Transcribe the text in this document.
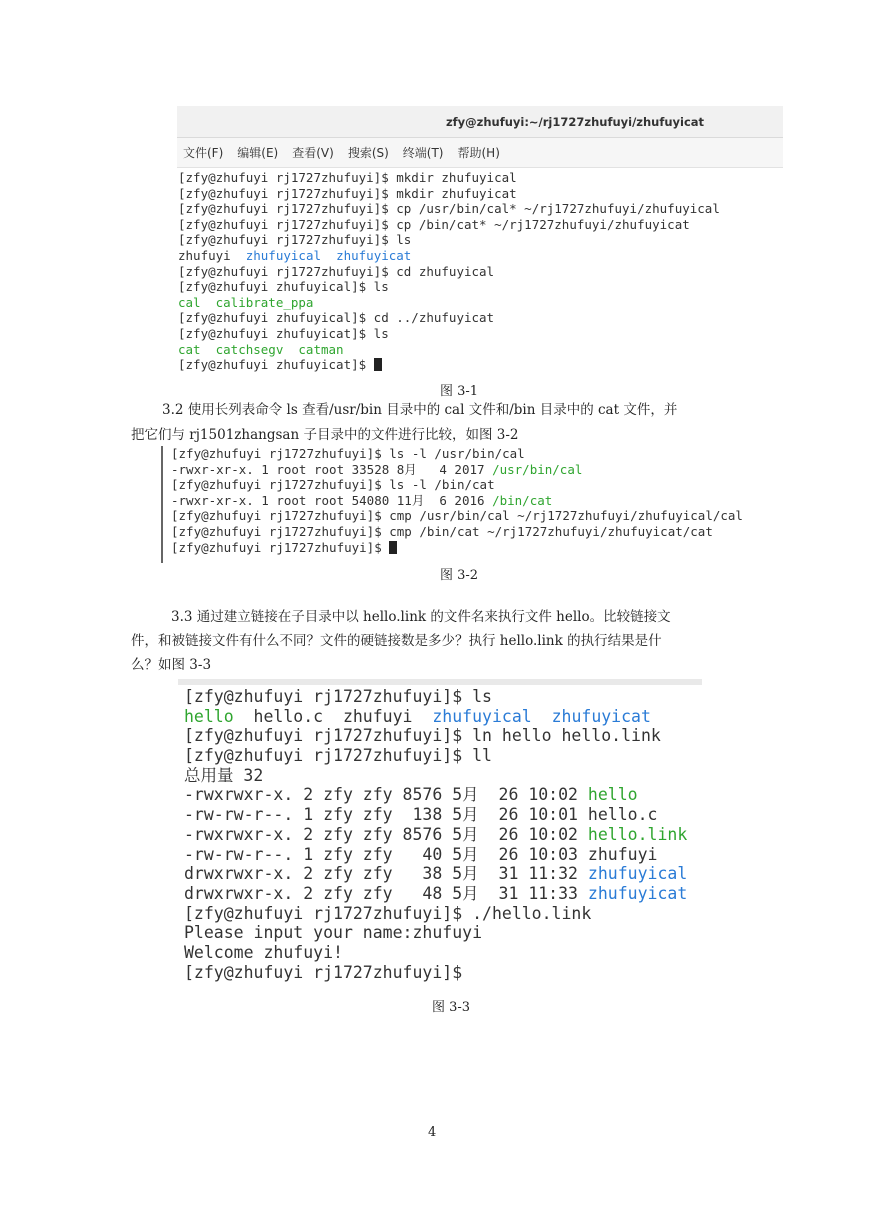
zfy@zhufuyi:~/rj1727zhufuyi/zhufuyicat
文件(F) 编辑(E) 查看(V) 搜索(S) 终端(T) 帮助(H)
[zfy@zhufuyi rj1727zhufuyi]$ mkdir zhufuyical
[zfy@zhufuyi rj1727zhufuyi]$ mkdir zhufuyicat
[zfy@zhufuyi rj1727zhufuyi]$ cp /usr/bin/cal* ~/rj1727zhufuyi/zhufuyical
[zfy@zhufuyi rj1727zhufuyi]$ cp /bin/cat* ~/rj1727zhufuyi/zhufuyicat
[zfy@zhufuyi rj1727zhufuyi]$ ls
zhufuyi  zhufuyical zhufuyicat
[zfy@zhufuyi rj1727zhufuyi]$ cd zhufuyical
[zfy@zhufuyi zhufuyical]$ ls
cal  calibrate_ppa
[zfy@zhufuyi zhufuyical]$ cd ../zhufuyicat
[zfy@zhufuyi zhufuyicat]$ ls
cat  catchsegv  catman
[zfy@zhufuyi zhufuyicat]$
图 3-1
3.2 使用长列表命令 ls 查看/usr/bin 目录中的 cal 文件和/bin 目录中的 cat 文件，并
把它们与 rj1501zhangsan 子目录中的文件进行比较，如图 3-2
[zfy@zhufuyi rj1727zhufuyi]$ ls -l /usr/bin/cal
-rwxr-xr-x. 1 root root 33528 8月   4 2017 /usr/bin/cal
[zfy@zhufuyi rj1727zhufuyi]$ ls -l /bin/cat
-rwxr-xr-x. 1 root root 54080 11月  6 2016 /bin/cat
[zfy@zhufuyi rj1727zhufuyi]$ cmp /usr/bin/cal ~/rj1727zhufuyi/zhufuyical/cal
[zfy@zhufuyi rj1727zhufuyi]$ cmp /bin/cat ~/rj1727zhufuyi/zhufuyicat/cat
[zfy@zhufuyi rj1727zhufuyi]$
图 3-2
3.3 通过建立链接在子目录中以 hello.link 的文件名来执行文件 hello。比较链接文
件，和被链接文件有什么不同？文件的硬链接数是多少？执行 hello.link 的执行结果是什
么？如图 3-3
[zfy@zhufuyi rj1727zhufuyi]$ ls
hello  hello.c  zhufuyi  zhufuyical zhufuyicat
[zfy@zhufuyi rj1727zhufuyi]$ ln hello hello.link
[zfy@zhufuyi rj1727zhufuyi]$ ll
总用量 32
-rwxrwxr-x. 2 zfy zfy 8576 5月  26 10:02 hello
-rw-rw-r--. 1 zfy zfy  138 5月  26 10:01 hello.c
-rwxrwxr-x. 2 zfy zfy 8576 5月  26 10:02 hello.link
-rw-rw-r--. 1 zfy zfy   40 5月  26 10:03 zhufuyi
drwxrwxr-x. 2 zfy zfy   38 5月  31 11:32 zhufuyical
drwxrwxr-x. 2 zfy zfy   48 5月  31 11:33 zhufuyicat
[zfy@zhufuyi rj1727zhufuyi]$ ./hello.link
Please input your name:zhufuyi
Welcome zhufuyi!
[zfy@zhufuyi rj1727zhufuyi]$
图 3-3
4
